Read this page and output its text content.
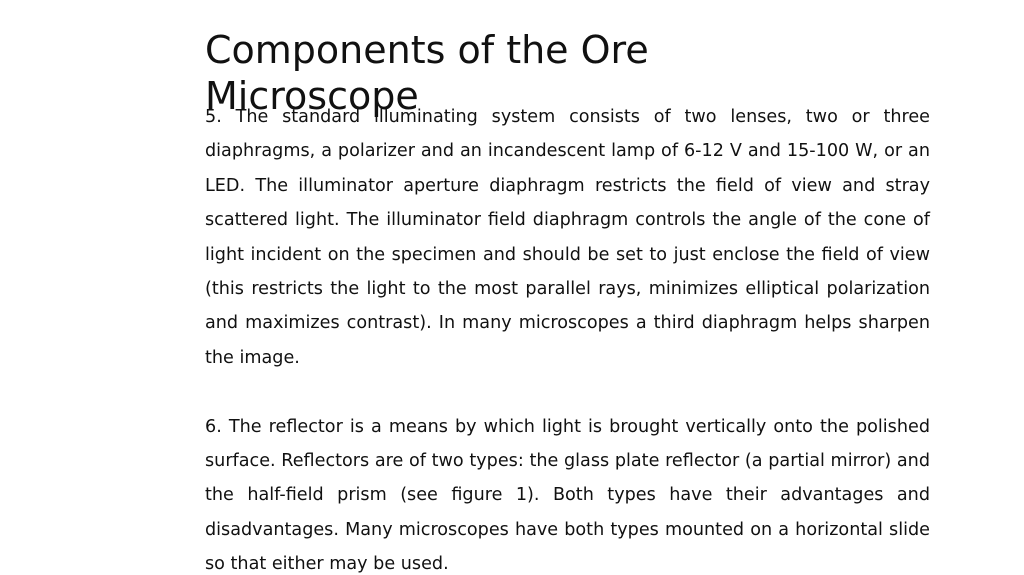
Components of the Ore Microscope

5. The standard illuminating system consists of two lenses, two or three diaphragms, a polarizer and an incandescent lamp of 6-12 V and 15-100 W, or an LED. The illuminator aperture diaphragm restricts the field of view and stray scattered light. The illuminator field diaphragm controls the angle of the cone of light incident on the specimen and should be set to just enclose the field of view (this restricts the light to the most parallel rays, minimizes elliptical polarization and maximizes contrast). In many microscopes a third diaphragm helps sharpen the image.

6. The reflector is a means by which light is brought vertically onto the polished surface. Reflectors are of two types: the glass plate reflector (a partial mirror) and the half-field prism (see figure 1). Both types have their advantages and disadvantages. Many microscopes have both types mounted on a horizontal slide so that either may be used.
